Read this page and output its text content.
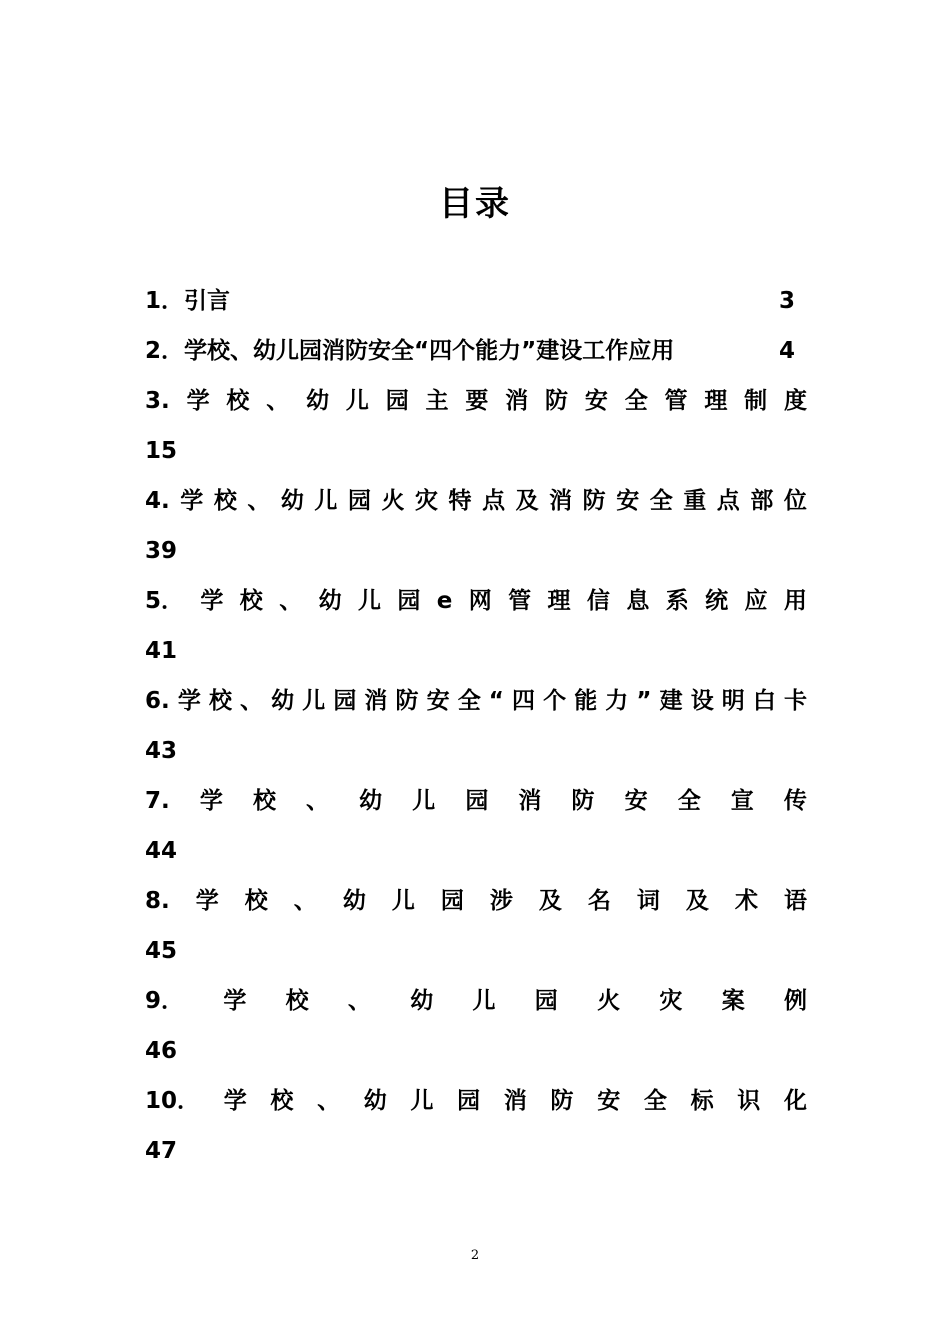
目录
1．引言	3
2．学校、幼儿园消防安全“四个能力”建设工作应用	4
3. 学 校 、 幼 儿 园 主 要 消 防 安 全 管 理 制 度
15
4. 学 校 、 幼 儿 园 火 灾 特 点 及 消 防 安 全 重 点 部 位
39
5． 学 校 、 幼 儿 园 e 网 管 理 信 息 系 统 应 用
41
6. 学 校 、 幼 儿 园 消 防 安 全 “ 四 个 能 力 ” 建 设 明 白 卡
43
7. 学 校 、 幼 儿 园 消 防 安 全 宣 传
44
8. 学 校 、 幼 儿 园 涉 及 名 词 及 术 语
45
9． 学 校 、 幼 儿 园 火 灾 案 例
46
10． 学 校 、 幼 儿 园 消 防 安 全 标 识 化
47
2
